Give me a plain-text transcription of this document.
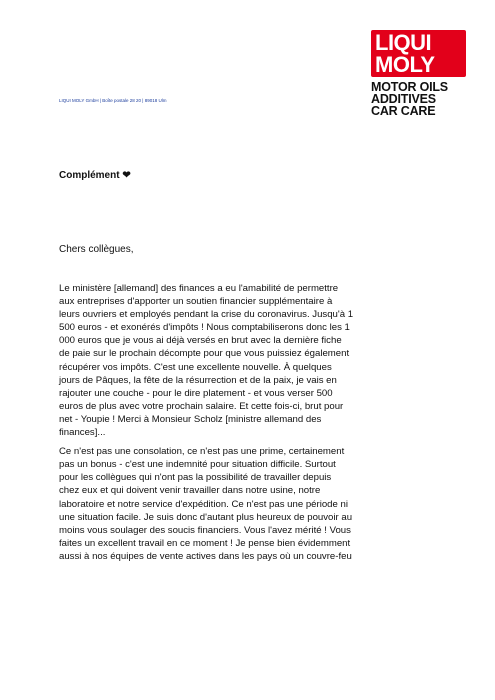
LIQUI
MOLY
MOTOR OILS
ADDITIVES
CAR CARE
LIQUI MOLY GmbH | Boîte postale 28 20 | 89018 Ulm
Complément ❤
Chers collègues,
Le ministère [allemand] des finances a eu l'amabilité de permettre
aux entreprises d'apporter un soutien financier supplémentaire à
leurs ouvriers et employés pendant la crise du coronavirus. Jusqu'à 1
500 euros - et exonérés d'impôts ! Nous comptabiliserons donc les 1
000 euros que je vous ai déjà versés en brut avec la dernière fiche
de paie sur le prochain décompte pour que vous puissiez également
récupérer vos impôts. C'est une excellente nouvelle. À quelques
jours de Pâques, la fête de la résurrection et de la paix, je vais en
rajouter une couche - pour le dire platement - et vous verser 500
euros de plus avec votre prochain salaire. Et cette fois-ci, brut pour
net - Youpie ! Merci à Monsieur Scholz [ministre allemand des
finances]...
Ce n'est pas une consolation, ce n'est pas une prime, certainement
pas un bonus - c'est une indemnité pour situation difficile. Surtout
pour les collègues qui n'ont pas la possibilité de travailler depuis
chez eux et qui doivent venir travailler dans notre usine, notre
laboratoire et notre service d'expédition. Ce n'est pas une période ni
une situation facile. Je suis donc d'autant plus heureux de pouvoir au
moins vous soulager des soucis financiers. Vous l'avez mérité ! Vous
faites un excellent travail en ce moment ! Je pense bien évidemment
aussi à nos équipes de vente actives dans les pays où un couvre-feu
